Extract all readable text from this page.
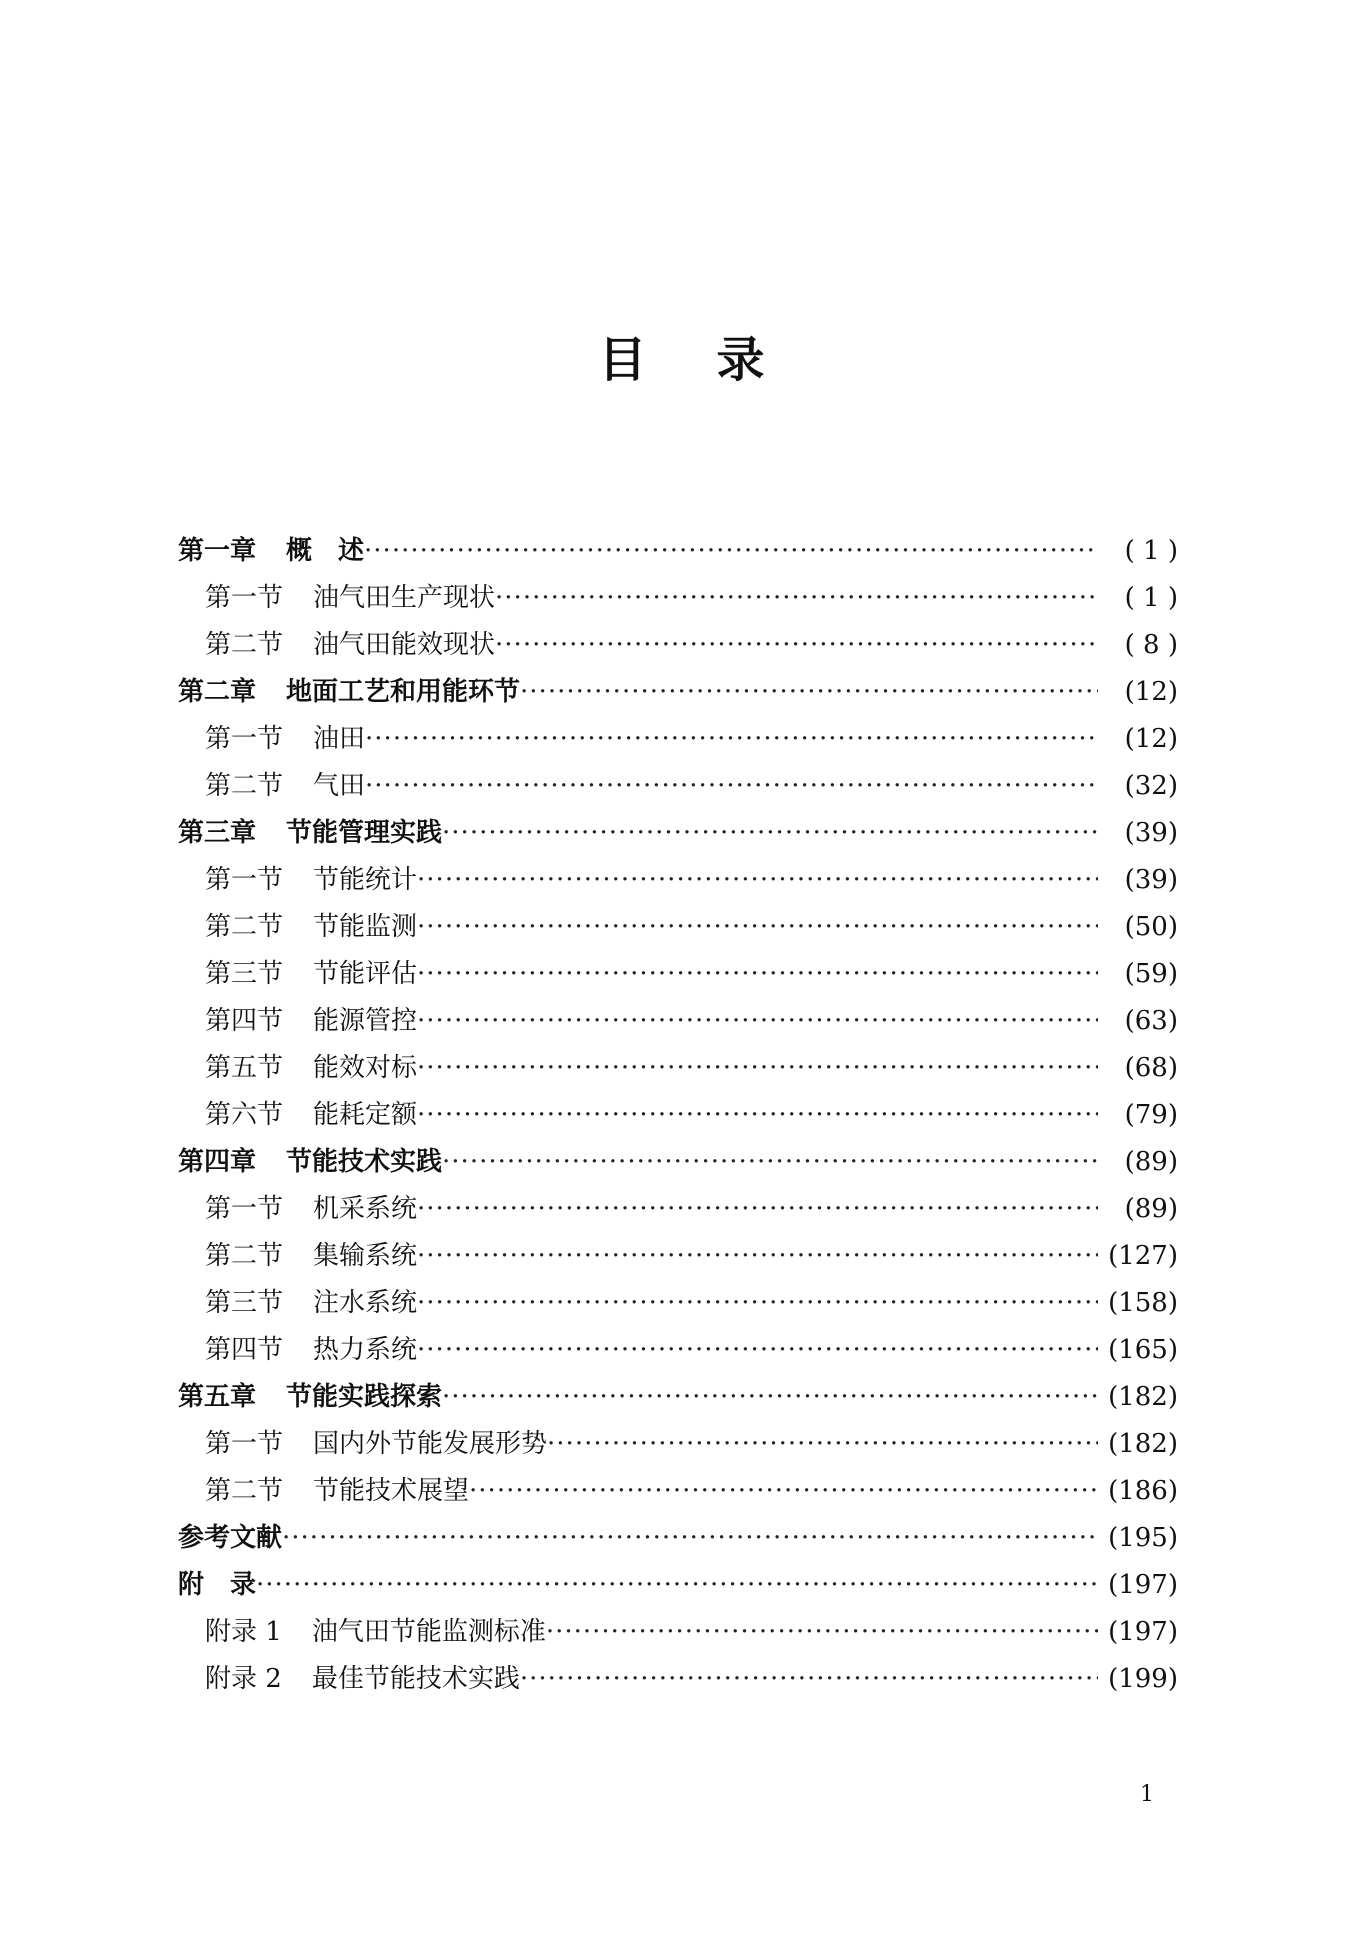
目录
第一章 概　述 ·····	( 1 )
第一节 油气田生产现状 ·····	( 1 )
第二节 油气田能效现状 ·····	( 8 )
第二章 地面工艺和用能环节 ·····	(12)
第一节 油田 ·····	(12)
第二节 气田 ·····	(32)
第三章 节能管理实践 ·····	(39)
第一节 节能统计 ·····	(39)
第二节 节能监测 ·····	(50)
第三节 节能评估 ·····	(59)
第四节 能源管控 ·····	(63)
第五节 能效对标 ·····	(68)
第六节 能耗定额 ·····	(79)
第四章 节能技术实践 ·····	(89)
第一节 机采系统 ·····	(89)
第二节 集输系统 ·····	(127)
第三节 注水系统 ·····	(158)
第四节 热力系统 ·····	(165)
第五章 节能实践探索 ·····	(182)
第一节 国内外节能发展形势 ·····	(182)
第二节 节能技术展望 ·····	(186)
参考文献 ·····	(195)
附　录 ·····	(197)
附录 1 油气田节能监测标准 ·····	(197)
附录 2 最佳节能技术实践 ·····	(199)
1
